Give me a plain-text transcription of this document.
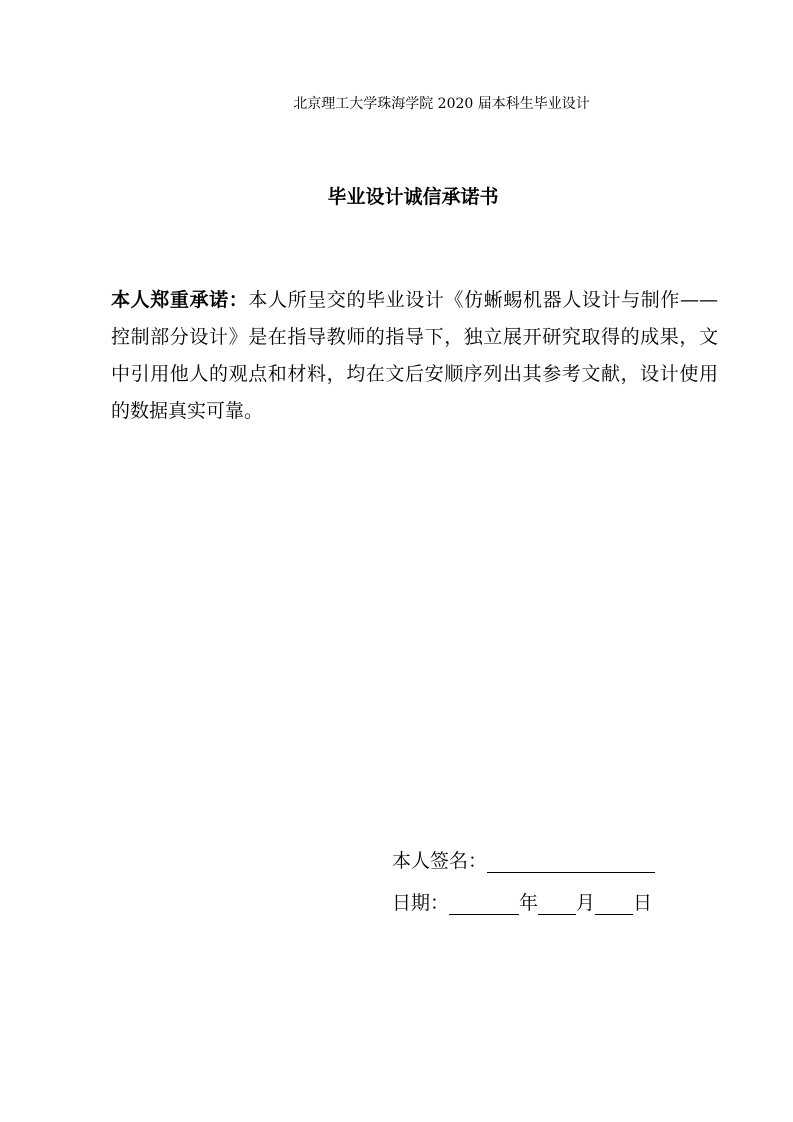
北京理工大学珠海学院 2020 届本科生毕业设计
毕业设计诚信承诺书
本人郑重承诺：本人所呈交的毕业设计《仿蜥蜴机器人设计与制作——控制部分设计》是在指导教师的指导下，独立展开研究取得的成果，文中引用他人的观点和材料，均在文后安顺序列出其参考文献，设计使用的数据真实可靠。
本人签名：
日期：	年 月 日
